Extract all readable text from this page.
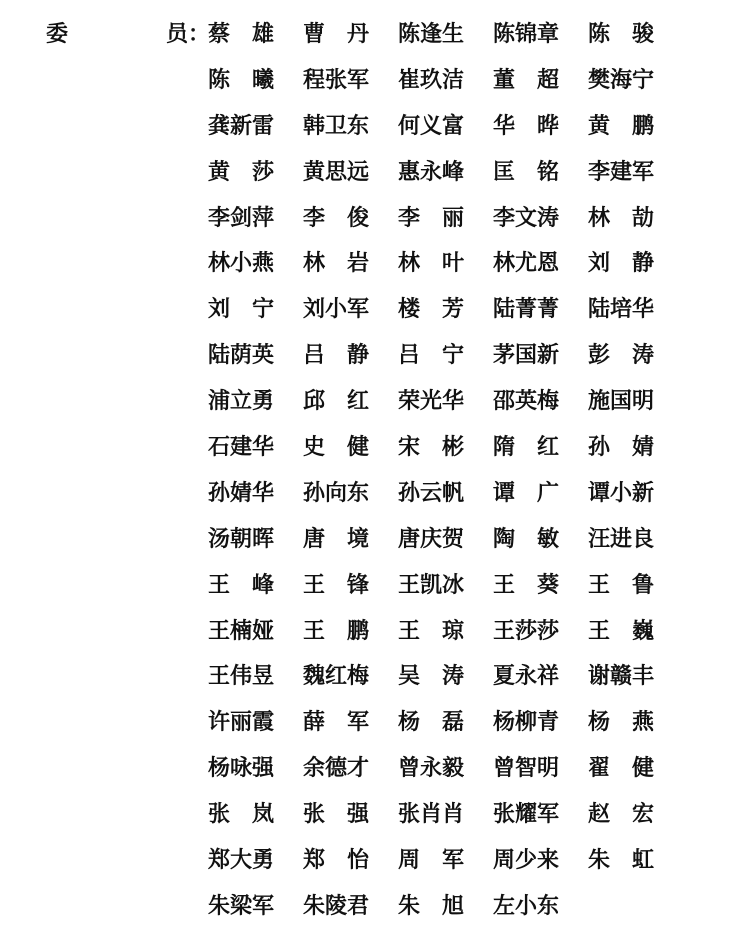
委	员：
蔡　雄	曹　丹	陈逢生	陈锦章	陈　骏
陈　曦	程张军	崔玖洁	董　超	樊海宁
龚新雷	韩卫东	何义富	华　晔	黄　鹏
黄　莎	黄思远	惠永峰	匡　铭	李建军
李剑萍	李　俊	李　丽	李文涛	林　劼
林小燕	林　岩	林　叶	林尤恩	刘　静
刘　宁	刘小军	楼　芳	陆菁菁	陆培华
陆荫英	吕　静	吕　宁	茅国新	彭　涛
浦立勇	邱　红	荣光华	邵英梅	施国明
石建华	史　健	宋　彬	隋　红	孙　婧
孙婧华	孙向东	孙云帆	谭　广	谭小新
汤朝晖	唐　境	唐庆贺	陶　敏	汪进良
王　峰	王　锋	王凯冰	王　葵	王　鲁
王楠娅	王　鹏	王　琼	王莎莎	王　巍
王伟昱	魏红梅	吴　涛	夏永祥	谢赣丰
许丽霞	薛　军	杨　磊	杨柳青	杨　燕
杨咏强	余德才	曾永毅	曾智明	翟　健
张　岚	张　强	张肖肖	张耀军	赵　宏
郑大勇	郑　怡	周　军	周少来	朱　虹
朱梁军	朱陵君	朱　旭	左小东
